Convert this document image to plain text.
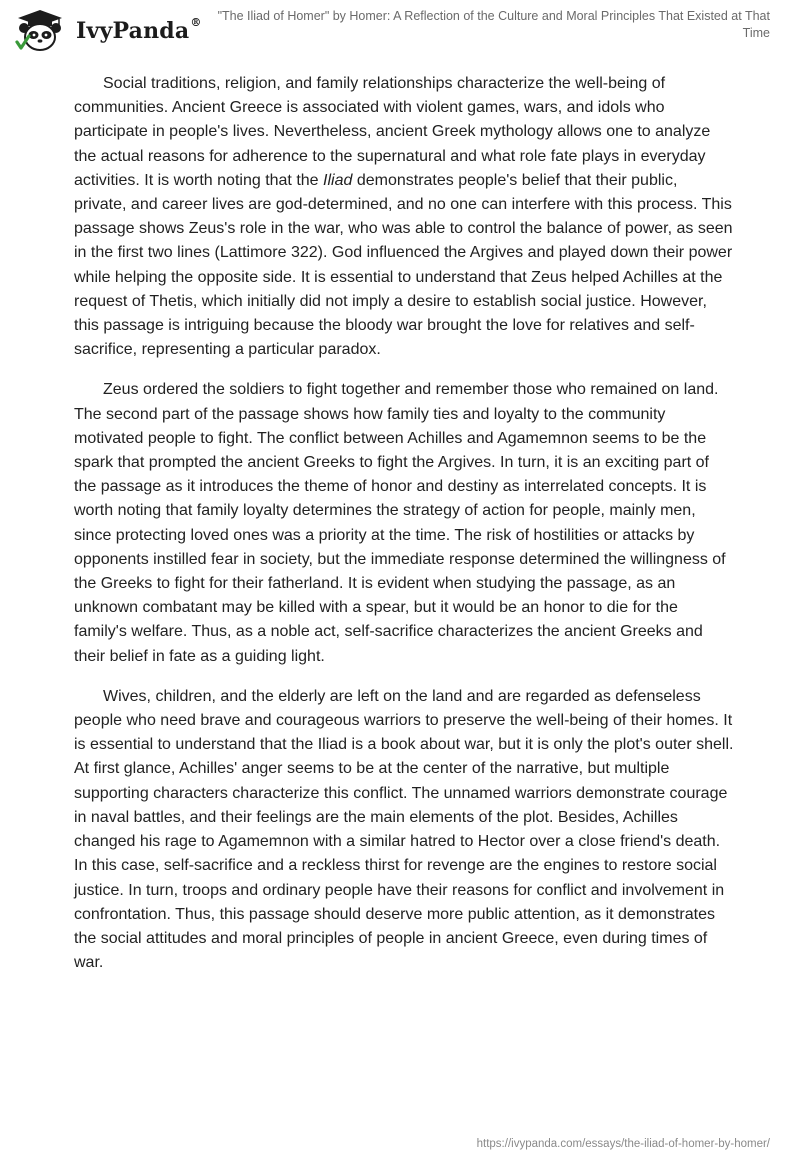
IvyPanda®	"The Iliad of Homer" by Homer: A Reflection of the Culture and Moral Principles That Existed at That Time

Social traditions, religion, and family relationships characterize the well-being of communities. Ancient Greece is associated with violent games, wars, and idols who participate in people's lives. Nevertheless, ancient Greek mythology allows one to analyze the actual reasons for adherence to the supernatural and what role fate plays in everyday activities. It is worth noting that the Iliad demonstrates people's belief that their public, private, and career lives are god-determined, and no one can interfere with this process. This passage shows Zeus's role in the war, who was able to control the balance of power, as seen in the first two lines (Lattimore 322). God influenced the Argives and played down their power while helping the opposite side. It is essential to understand that Zeus helped Achilles at the request of Thetis, which initially did not imply a desire to establish social justice. However, this passage is intriguing because the bloody war brought the love for relatives and self-sacrifice, representing a particular paradox.

Zeus ordered the soldiers to fight together and remember those who remained on land. The second part of the passage shows how family ties and loyalty to the community motivated people to fight. The conflict between Achilles and Agamemnon seems to be the spark that prompted the ancient Greeks to fight the Argives. In turn, it is an exciting part of the passage as it introduces the theme of honor and destiny as interrelated concepts. It is worth noting that family loyalty determines the strategy of action for people, mainly men, since protecting loved ones was a priority at the time. The risk of hostilities or attacks by opponents instilled fear in society, but the immediate response determined the willingness of the Greeks to fight for their fatherland. It is evident when studying the passage, as an unknown combatant may be killed with a spear, but it would be an honor to die for the family's welfare. Thus, as a noble act, self-sacrifice characterizes the ancient Greeks and their belief in fate as a guiding light.

Wives, children, and the elderly are left on the land and are regarded as defenseless people who need brave and courageous warriors to preserve the well-being of their homes. It is essential to understand that the Iliad is a book about war, but it is only the plot's outer shell. At first glance, Achilles' anger seems to be at the center of the narrative, but multiple supporting characters characterize this conflict. The unnamed warriors demonstrate courage in naval battles, and their feelings are the main elements of the plot. Besides, Achilles changed his rage to Agamemnon with a similar hatred to Hector over a close friend's death. In this case, self-sacrifice and a reckless thirst for revenge are the engines to restore social justice. In turn, troops and ordinary people have their reasons for conflict and involvement in confrontation. Thus, this passage should deserve more public attention, as it demonstrates the social attitudes and moral principles of people in ancient Greece, even during times of war.

https://ivypanda.com/essays/the-iliad-of-homer-by-homer/
